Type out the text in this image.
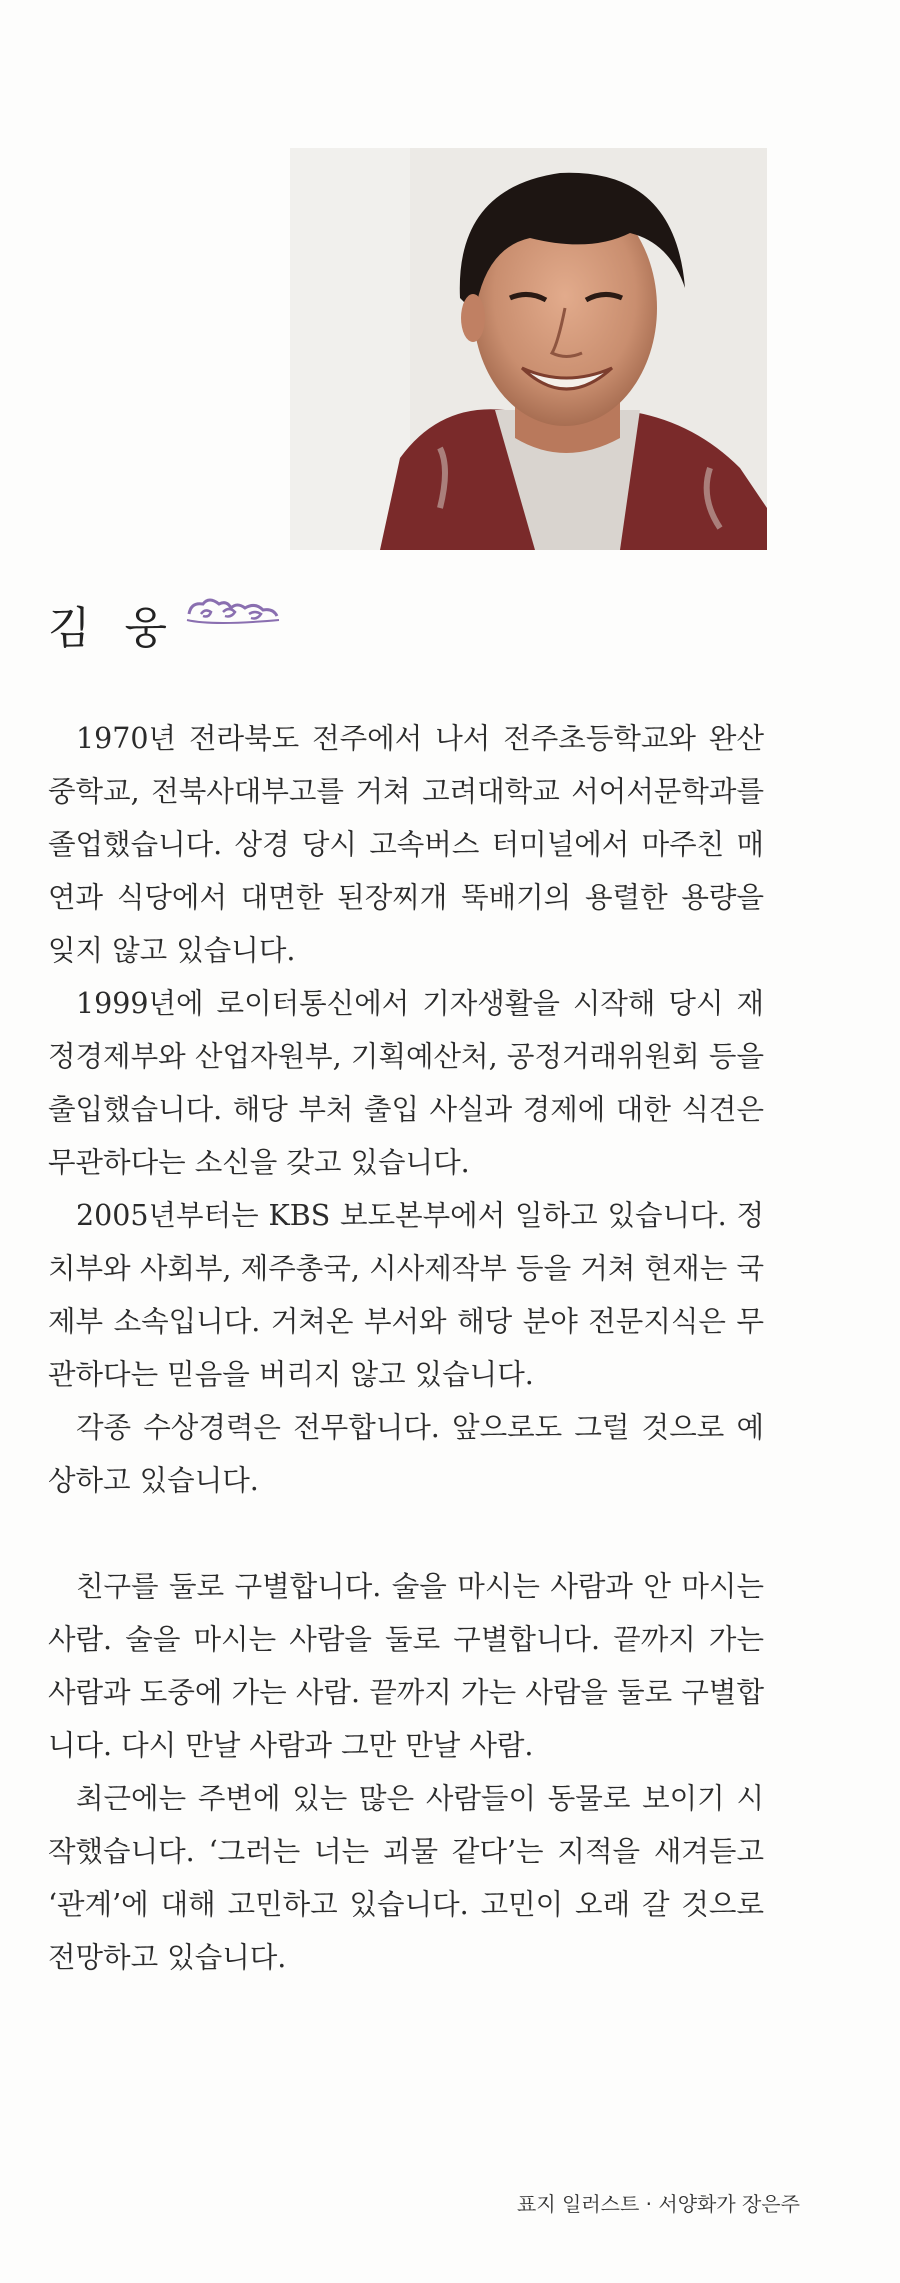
김 웅

1970년 전라북도 전주에서 나서 전주초등학교와 완산중학교, 전북사대부고를 거쳐 고려대학교 서어서문학과를 졸업했습니다. 상경 당시 고속버스 터미널에서 마주친 매연과 식당에서 대면한 된장찌개 뚝배기의 용렬한 용량을 잊지 않고 있습니다.

1999년에 로이터통신에서 기자생활을 시작해 당시 재정경제부와 산업자원부, 기획예산처, 공정거래위원회 등을 출입했습니다. 해당 부처 출입 사실과 경제에 대한 식견은 무관하다는 소신을 갖고 있습니다.

2005년부터는 KBS 보도본부에서 일하고 있습니다. 정치부와 사회부, 제주총국, 시사제작부 등을 거쳐 현재는 국제부 소속입니다. 거쳐온 부서와 해당 분야 전문지식은 무관하다는 믿음을 버리지 않고 있습니다.

각종 수상경력은 전무합니다. 앞으로도 그럴 것으로 예상하고 있습니다.

친구를 둘로 구별합니다. 술을 마시는 사람과 안 마시는 사람. 술을 마시는 사람을 둘로 구별합니다. 끝까지 가는 사람과 도중에 가는 사람. 끝까지 가는 사람을 둘로 구별합니다. 다시 만날 사람과 그만 만날 사람.

최근에는 주변에 있는 많은 사람들이 동물로 보이기 시작했습니다. ‘그러는 너는 괴물 같다’는 지적을 새겨듣고 ‘관계’에 대해 고민하고 있습니다. 고민이 오래 갈 것으로 전망하고 있습니다.

표지 일러스트 · 서양화가 장은주
